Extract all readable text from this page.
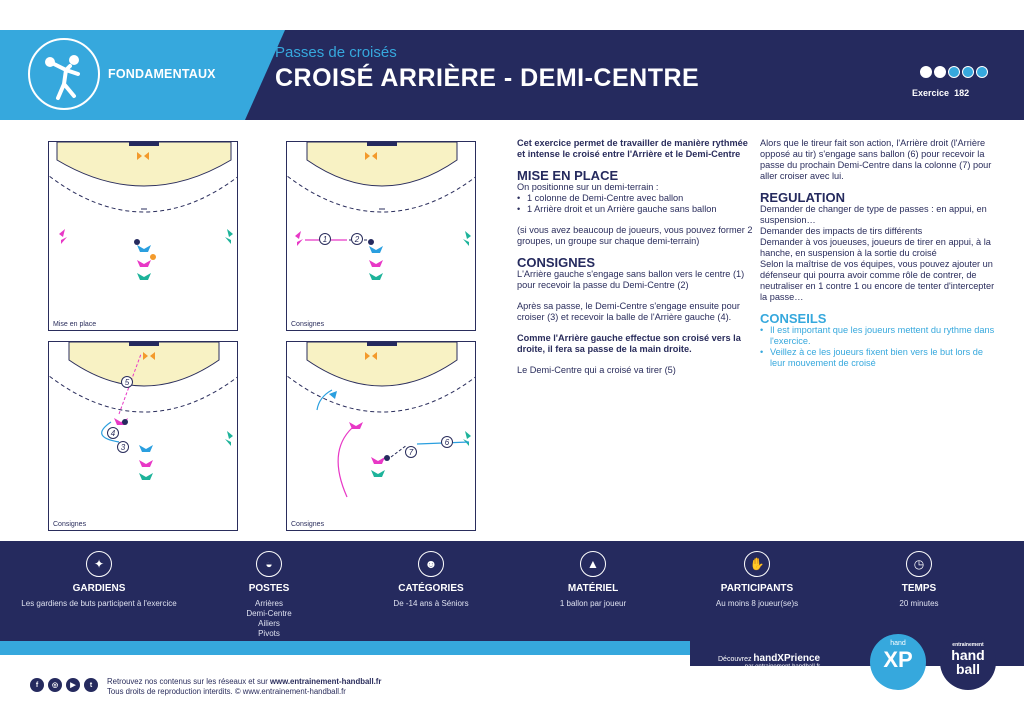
FONDAMENTAUX
Passes de croisés
CROISÉ ARRIÈRE - DEMI-CENTRE
Exercice 182
Mise en place
1	2
Consignes
5
4
3
Consignes
7
6
Consignes
Cet exercice permet de travailler de manière rythmée et intense le croisé entre l'Arrière et le Demi-Centre
MISE EN PLACE
On positionne sur un demi-terrain :
• 1 colonne de Demi-Centre avec ballon
• 1 Arrière droit et un Arrière gauche sans ballon
(si vous avez beaucoup de joueurs, vous pouvez former 2 groupes, un groupe sur chaque demi-terrain)
CONSIGNES
L'Arrière gauche s'engage sans ballon vers le centre (1) pour recevoir la passe du Demi-Centre (2)
Après sa passe, le Demi-Centre s'engage ensuite pour croiser (3) et recevoir la balle de l'Arrière gauche (4).
Comme l'Arrière gauche effectue son croisé vers la droite, il fera sa passe de la main droite.
Le Demi-Centre qui a croisé va tirer (5)
Alors que le tireur fait son action, l'Arrière droit (l'Arrière opposé au tir) s'engage sans ballon (6) pour recevoir la passe du prochain Demi-Centre dans la colonne (7) pour aller croiser avec lui.
REGULATION
Demander de changer de type de passes : en appui, en suspension…
Demander des impacts de tirs différents
Demander à vos joueuses, joueurs de tirer en appui, à la hanche, en suspension à la sortie du croisé
Selon la maîtrise de vos équipes, vous pouvez ajouter un défenseur qui pourra avoir comme rôle de contrer, de neutraliser en 1 contre 1 ou encore de tenter d'intercepter la passe…
CONSEILS
• Il est important que les joueurs mettent du rythme dans l'exercice.
• Veillez à ce les joueurs fixent bien vers le but lors de leur mouvement de croisé
✦
GARDIENS
Les gardiens de buts participent à l'exercice
◒
POSTES
Arrières
Demi-Centre
Ailiers
Pivots
☻
CATÉGORIES
De -14 ans à Séniors
▲
MATÉRIEL
1 ballon par joueur
✋
PARTICIPANTS
Au moins 8 joueur(se)s
◷
TEMPS
20 minutes
Découvrez handXPrience
par entrainement-handball.fr
hand
XP
entrainement
hand
ball
f	◎	▶	t	Retrouvez nos contenus sur les réseaux et sur www.entrainement-handball.fr
Tous droits de reproduction interdits. © www.entrainement-handball.fr
